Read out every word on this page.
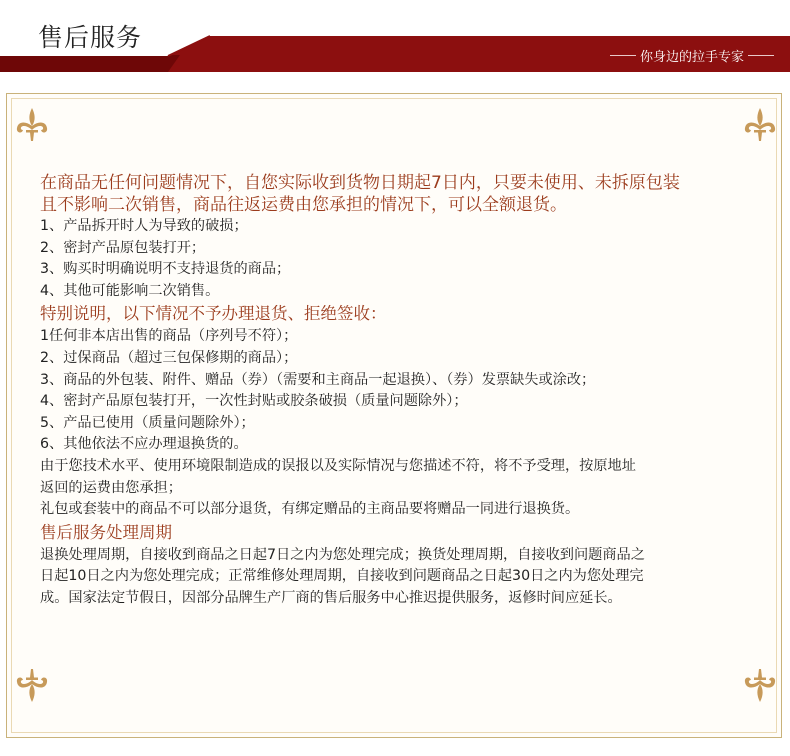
售后服务
你身边的拉手专家

在商品无任何问题情况下，自您实际收到货物日期起7日内，只要未使用、未拆原包装

且不影响二次销售，商品往返运费由您承担的情况下，可以全额退货。

1、产品拆开时人为导致的破损；

2、密封产品原包装打开；

3、购买时明确说明不支持退货的商品；

4、其他可能影响二次销售。

特别说明，以下情况不予办理退货、拒绝签收：

1任何非本店出售的商品（序列号不符）；

2、过保商品（超过三包保修期的商品）；

3、商品的外包装、附件、赠品（券）（需要和主商品一起退换）、（券）发票缺失或涂改；

4、密封产品原包装打开，一次性封贴或胶条破损（质量问题除外）；

5、产品已使用（质量问题除外）；

6、其他依法不应办理退换货的。

由于您技术水平、使用环境限制造成的误报以及实际情况与您描述不符，将不予受理，按原地址

返回的运费由您承担；

礼包或套装中的商品不可以部分退货，有绑定赠品的主商品要将赠品一同进行退换货。

售后服务处理周期

退换处理周期，自接收到商品之日起7日之内为您处理完成；换货处理周期，自接收到问题商品之

日起10日之内为您处理完成；正常维修处理周期，自接收到问题商品之日起30日之内为您处理完

成。国家法定节假日，因部分品牌生产厂商的售后服务中心推迟提供服务，返修时间应延长。
